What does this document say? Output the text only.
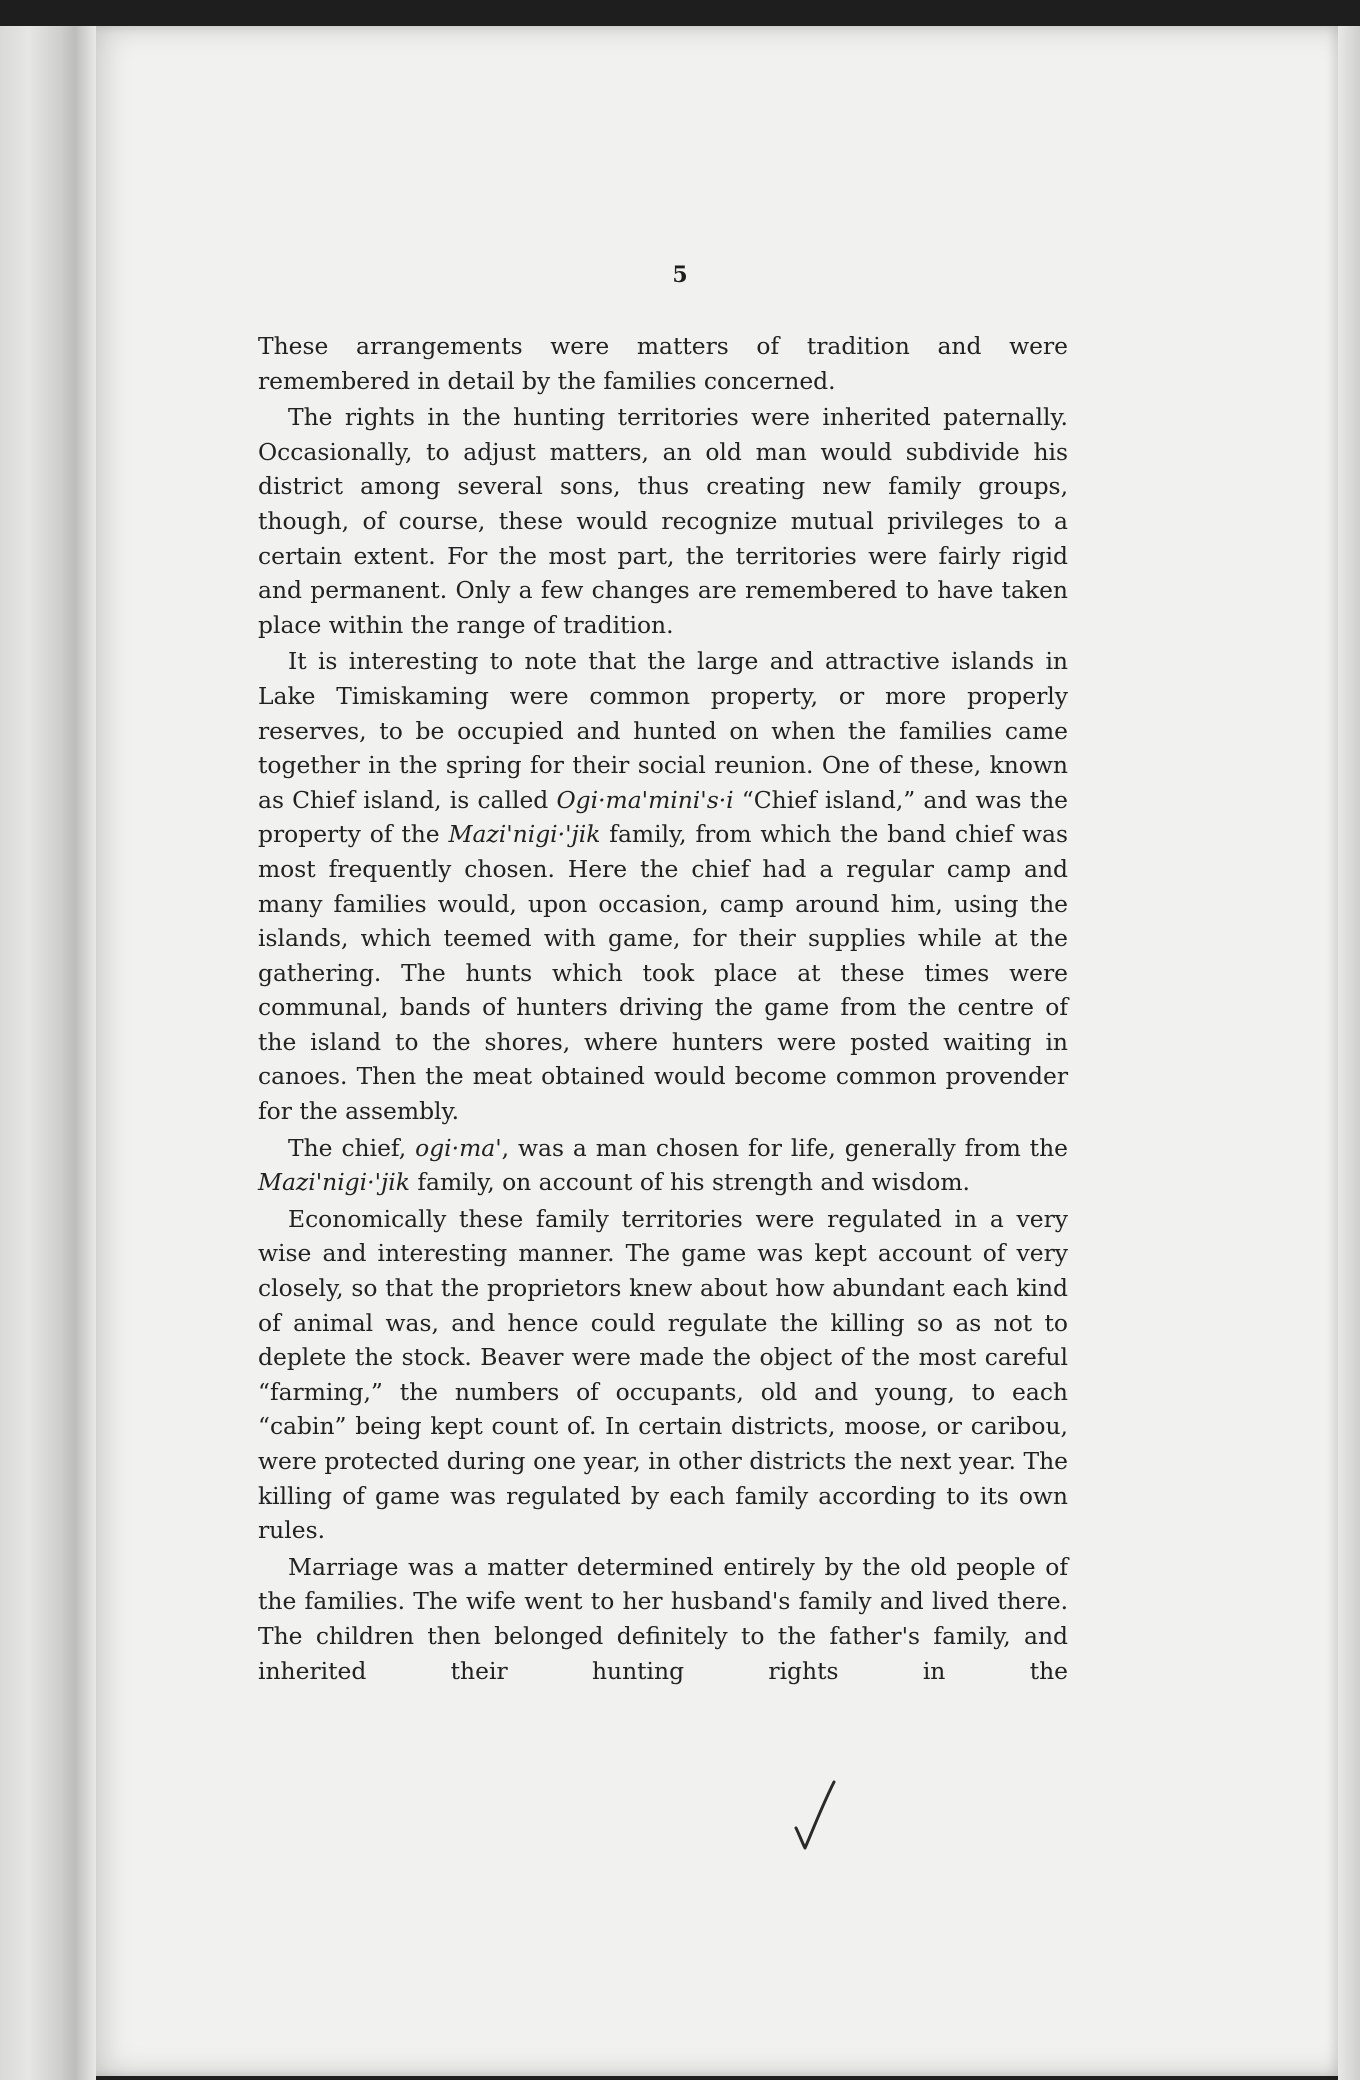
5

These arrangements were matters of tradition and were remembered in detail by the families concerned.

The rights in the hunting territories were inherited paternally. Occasionally, to adjust matters, an old man would subdivide his district among several sons, thus creating new family groups, though, of course, these would recognize mutual privileges to a certain extent. For the most part, the territories were fairly rigid and permanent. Only a few changes are remembered to have taken place within the range of tradition.

It is interesting to note that the large and attractive islands in Lake Timiskaming were common property, or more properly reserves, to be occupied and hunted on when the families came together in the spring for their social reunion. One of these, known as Chief island, is called Ogi·ma'mini's·i “Chief island,” and was the property of the Mazi'nigi·'jik family, from which the band chief was most frequently chosen. Here the chief had a regular camp and many families would, upon occasion, camp around him, using the islands, which teemed with game, for their supplies while at the gathering. The hunts which took place at these times were communal, bands of hunters driving the game from the centre of the island to the shores, where hunters were posted waiting in canoes. Then the meat obtained would become common provender for the assembly.

The chief, ogi·ma', was a man chosen for life, generally from the Mazi'nigi·'jik family, on account of his strength and wisdom.

Economically these family territories were regulated in a very wise and interesting manner. The game was kept account of very closely, so that the proprietors knew about how abundant each kind of animal was, and hence could regulate the killing so as not to deplete the stock. Beaver were made the object of the most careful “farming,” the numbers of occupants, old and young, to each “cabin” being kept count of. In certain districts, moose, or caribou, were protected during one year, in other districts the next year. The killing of game was regulated by each family according to its own rules.

Marriage was a matter determined entirely by the old people of the families. The wife went to her husband's family and lived there. The children then belonged definitely to the father's family, and inherited their hunting rights in the
